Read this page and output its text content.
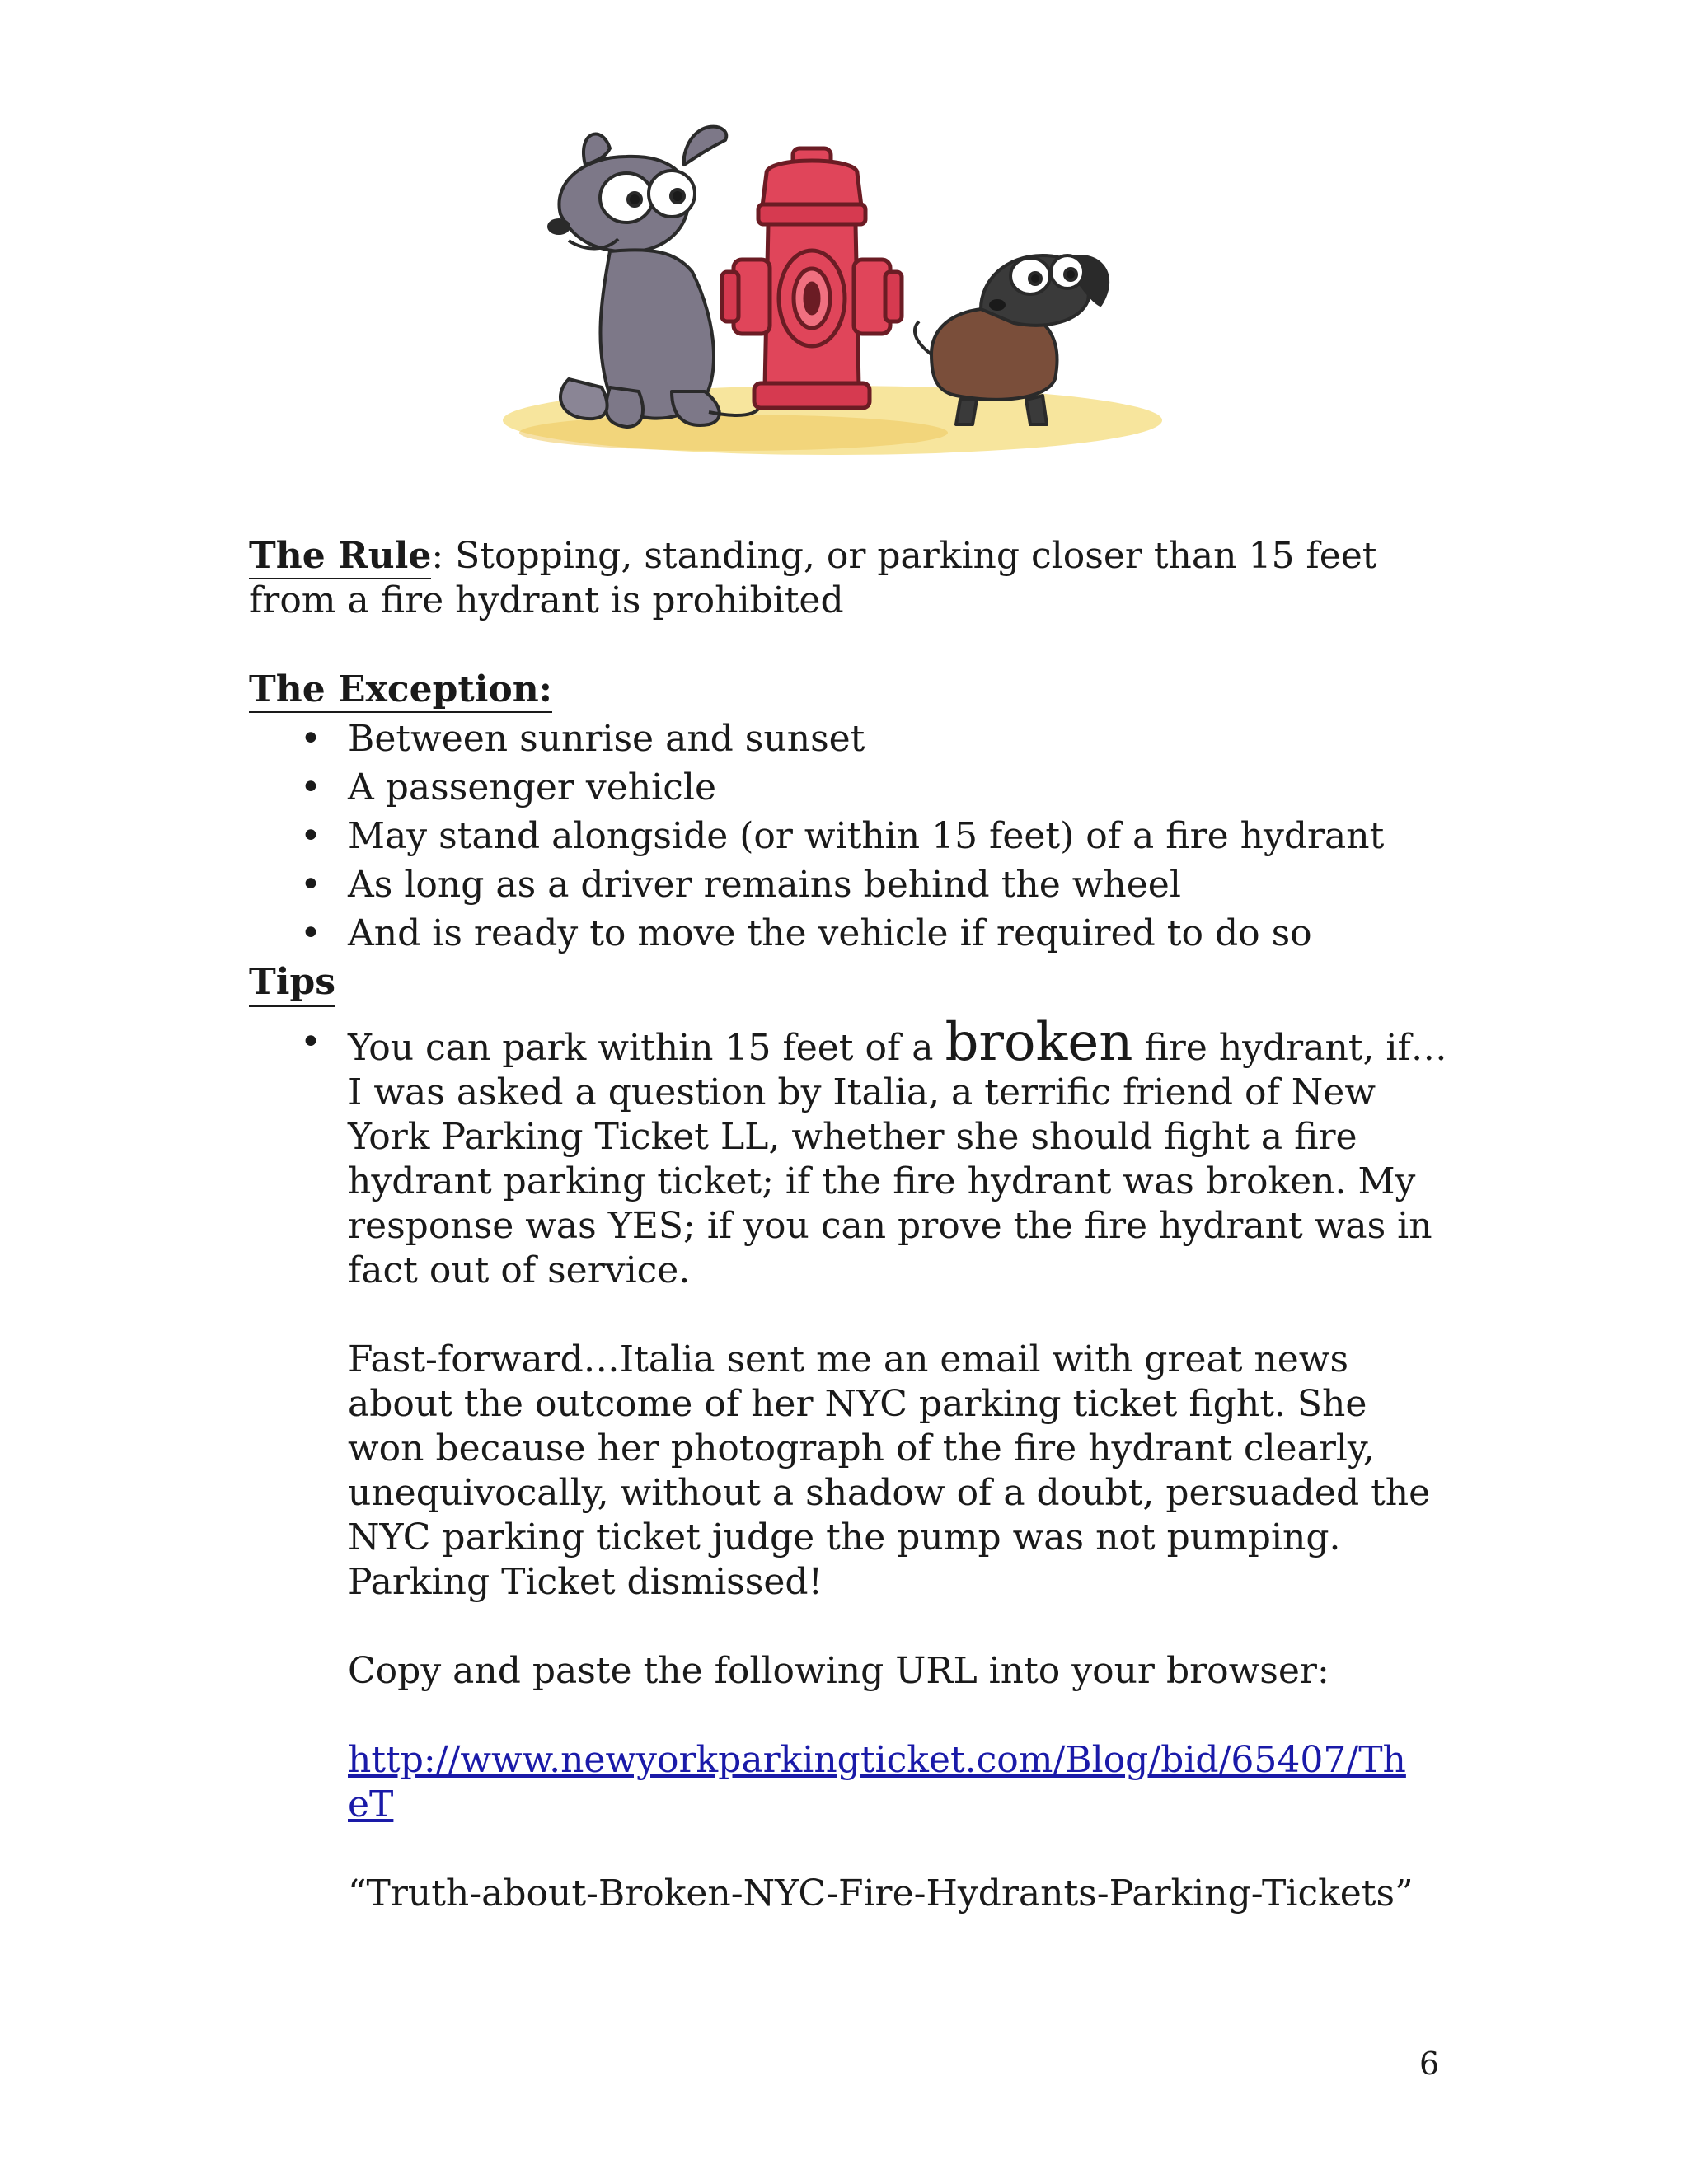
The Rule: Stopping, standing, or parking closer than 15 feet from a fire hydrant is prohibited

The Exception:
• Between sunrise and sunset
• A passenger vehicle
• May stand alongside (or within 15 feet) of a fire hydrant
• As long as a driver remains behind the wheel
• And is ready to move the vehicle if required to do so
Tips
• You can park within 15 feet of a broken fire hydrant, if…I was asked a question by Italia, a terrific friend of New York Parking Ticket LL, whether she should fight a fire hydrant parking ticket; if the fire hydrant was broken. My response was YES; if you can prove the fire hydrant was in fact out of service.

Fast-forward…Italia sent me an email with great news about the outcome of her NYC parking ticket fight. She won because her photograph of the fire hydrant clearly, unequivocally, without a shadow of a doubt, persuaded the NYC parking ticket judge the pump was not pumping. Parking Ticket dismissed!

Copy and paste the following URL into your browser:

http://www.newyorkparkingticket.com/Blog/bid/65407/TheT

“Truth-about-Broken-NYC-Fire-Hydrants-Parking-Tickets”

6
